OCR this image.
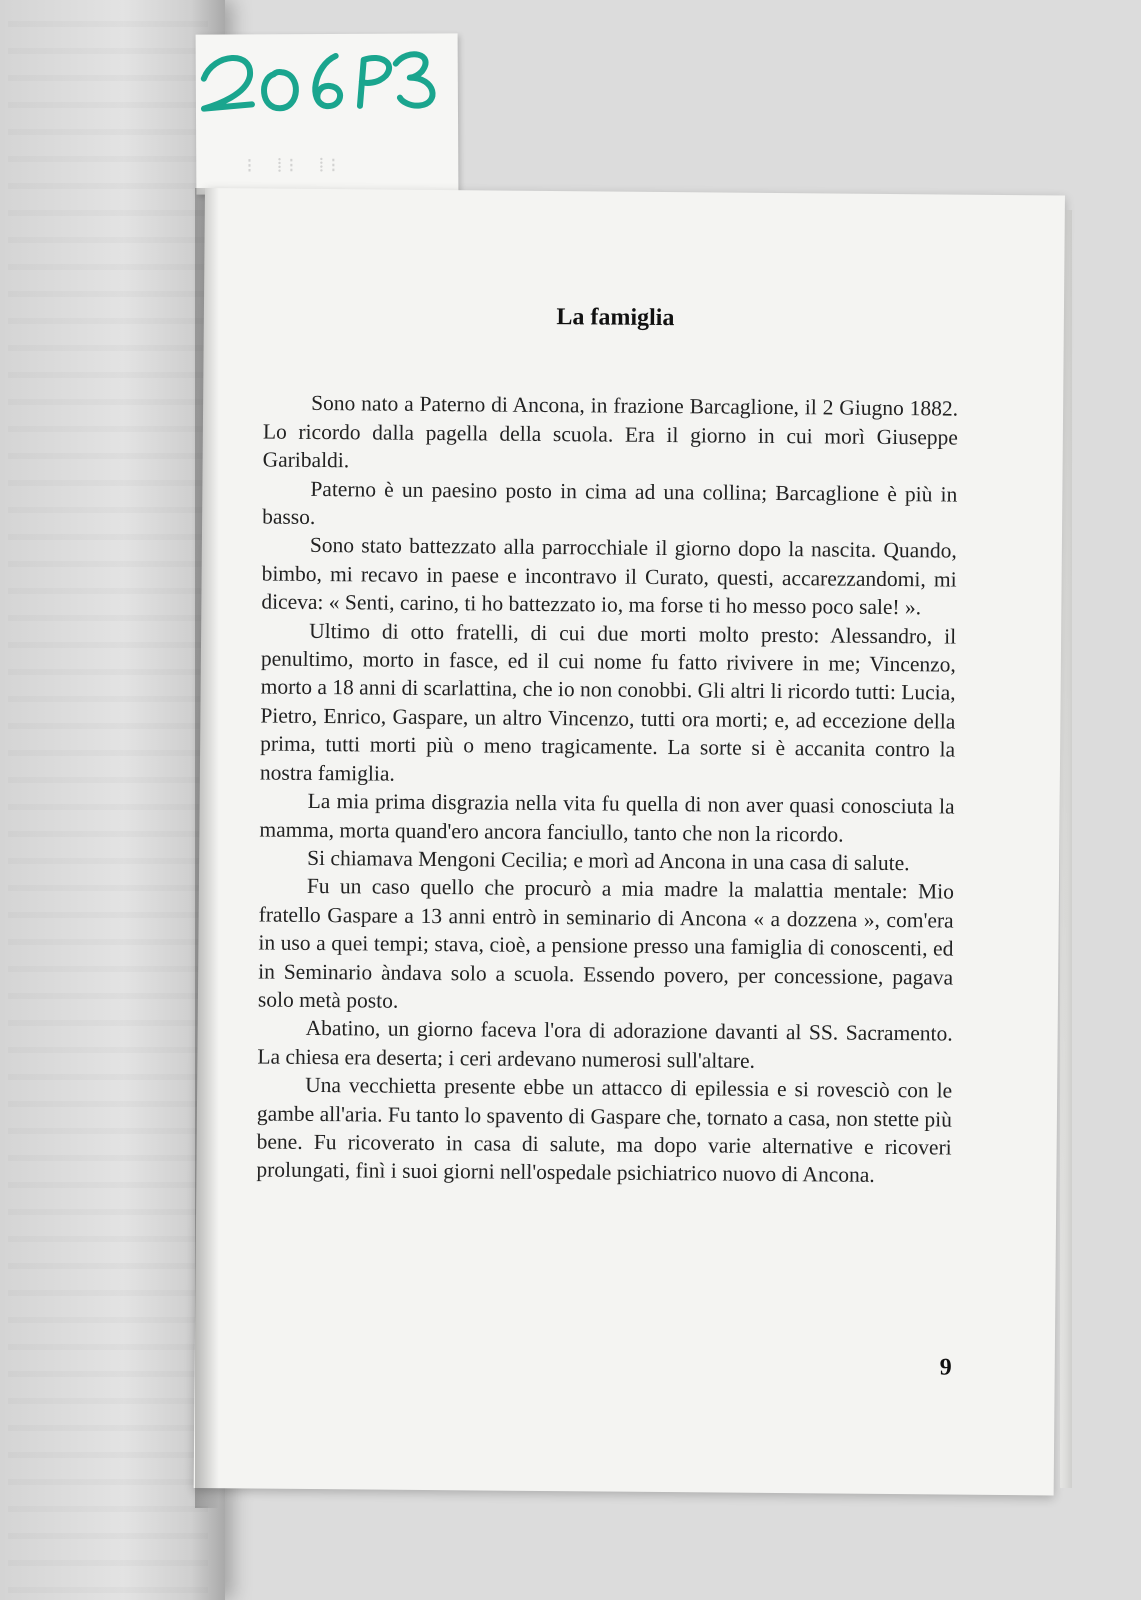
⁝⁞ ⁝⁞ ⁝
La famiglia

Sono nato a Paterno di Ancona, in frazione Barcaglione, il 2 Giugno 1882. Lo ricordo dalla pagella della scuola. Era il giorno in cui morì Giuseppe Garibaldi.

Paterno è un paesino posto in cima ad una collina; Barcaglione è più in basso.

Sono stato battezzato alla parrocchiale il giorno dopo la nascita. Quando, bimbo, mi recavo in paese e incontravo il Curato, questi, accarezzandomi, mi diceva: « Senti, carino, ti ho battezzato io, ma forse ti ho messo poco sale! ».

Ultimo di otto fratelli, di cui due morti molto presto: Alessandro, il penultimo, morto in fasce, ed il cui nome fu fatto rivivere in me; Vincenzo, morto a 18 anni di scarlattina, che io non conobbi. Gli altri li ricordo tutti: Lucia, Pietro, Enrico, Gaspare, un altro Vincenzo, tutti ora morti; e, ad eccezione della prima, tutti morti più o meno tragicamente. La sorte si è accanita contro la nostra famiglia.

La mia prima disgrazia nella vita fu quella di non aver quasi conosciuta la mamma, morta quand'ero ancora fanciullo, tanto che non la ricordo.

Si chiamava Mengoni Cecilia; e morì ad Ancona in una casa di salute.

Fu un caso quello che procurò a mia madre la malattia mentale: Mio fratello Gaspare a 13 anni entrò in seminario di Ancona « a dozzena », com'era in uso a quei tempi; stava, cioè, a pensione presso una famiglia di conoscenti, ed in Seminario àndava solo a scuola. Essendo povero, per concessione, pagava solo metà posto.

Abatino, un giorno faceva l'ora di adorazione davanti al SS. Sacramento. La chiesa era deserta; i ceri ardevano numerosi sull'altare.

Una vecchietta presente ebbe un attacco di epilessia e si rovesciò con le gambe all'aria. Fu tanto lo spavento di Gaspare che, tornato a casa, non stette più bene. Fu ricoverato in casa di salute, ma dopo varie alternative e ricoveri prolungati, finì i suoi giorni nell'ospedale psichiatrico nuovo di Ancona.

9
